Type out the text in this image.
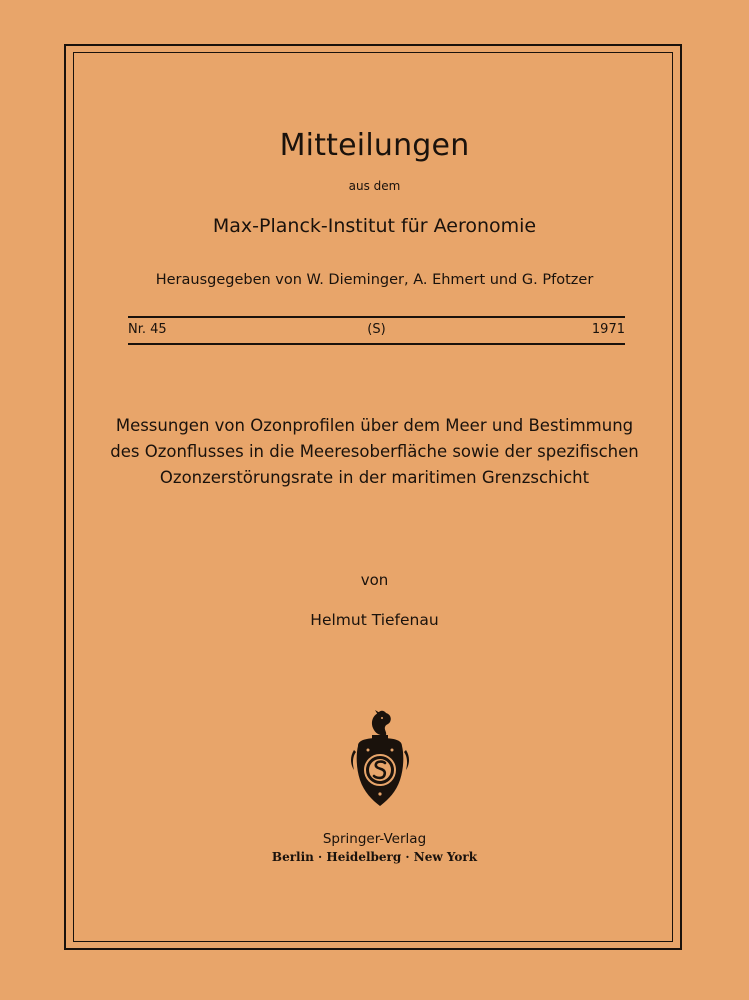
Mitteilungen
aus dem
Max-Planck-Institut für Aeronomie
Herausgegeben von W. Dieminger, A. Ehmert und G. Pfotzer
(S)
Nr. 45	1971
Messungen von Ozonprofilen über dem Meer und Bestimmung
des Ozonflusses in die Meeresoberfläche sowie der spezifischen
Ozonzerstörungsrate in der maritimen Grenzschicht
von
Helmut Tiefenau
Springer-Verlag
Berlin · Heidelberg · New York
